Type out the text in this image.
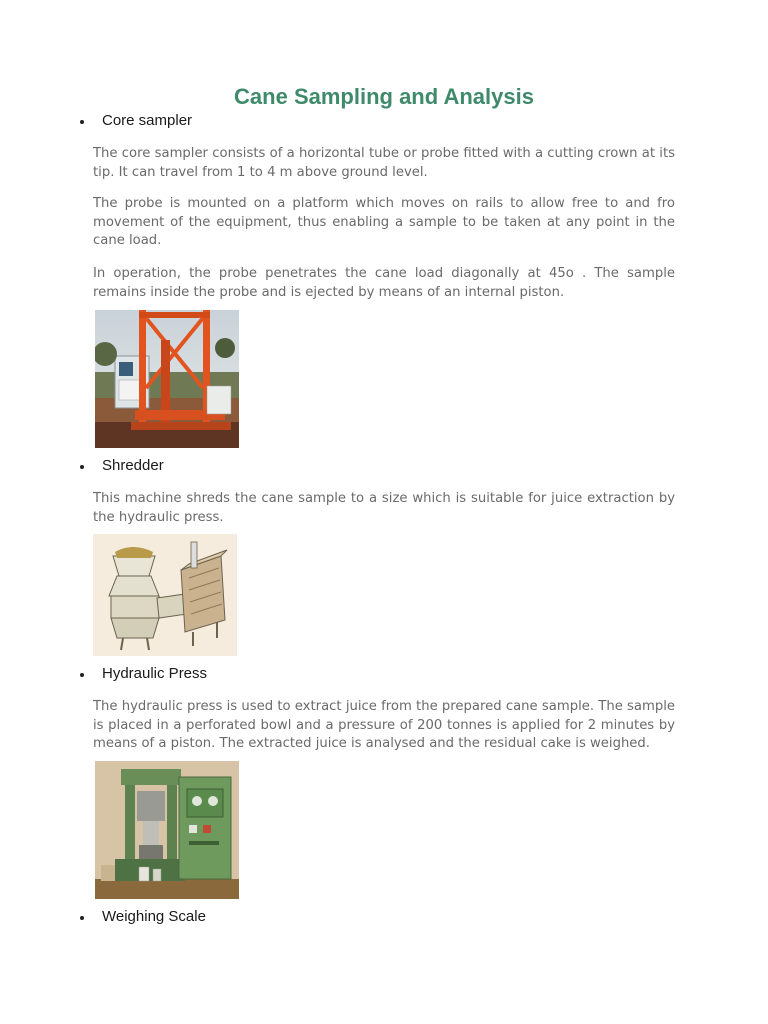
Cane Sampling and Analysis
Core sampler

The core sampler consists of a horizontal tube or probe fitted with a cutting crown at its tip. It can travel from 1 to 4 m above ground level.

The probe is mounted on a platform which moves on rails to allow free to and fro movement of the equipment, thus enabling a sample to be taken at any point in the cane load.

In operation, the probe penetrates the cane load diagonally at 45o . The sample remains inside the probe and is ejected by means of an internal piston.

Shredder

This machine shreds the cane sample to a size which is suitable for juice extraction by the hydraulic press.

Hydraulic Press

The hydraulic press is used to extract juice from the prepared cane sample. The sample is placed in a perforated bowl and a pressure of 200 tonnes is applied for 2 minutes by means of a piston. The extracted juice is analysed and the residual cake is weighed.

Weighing Scale
